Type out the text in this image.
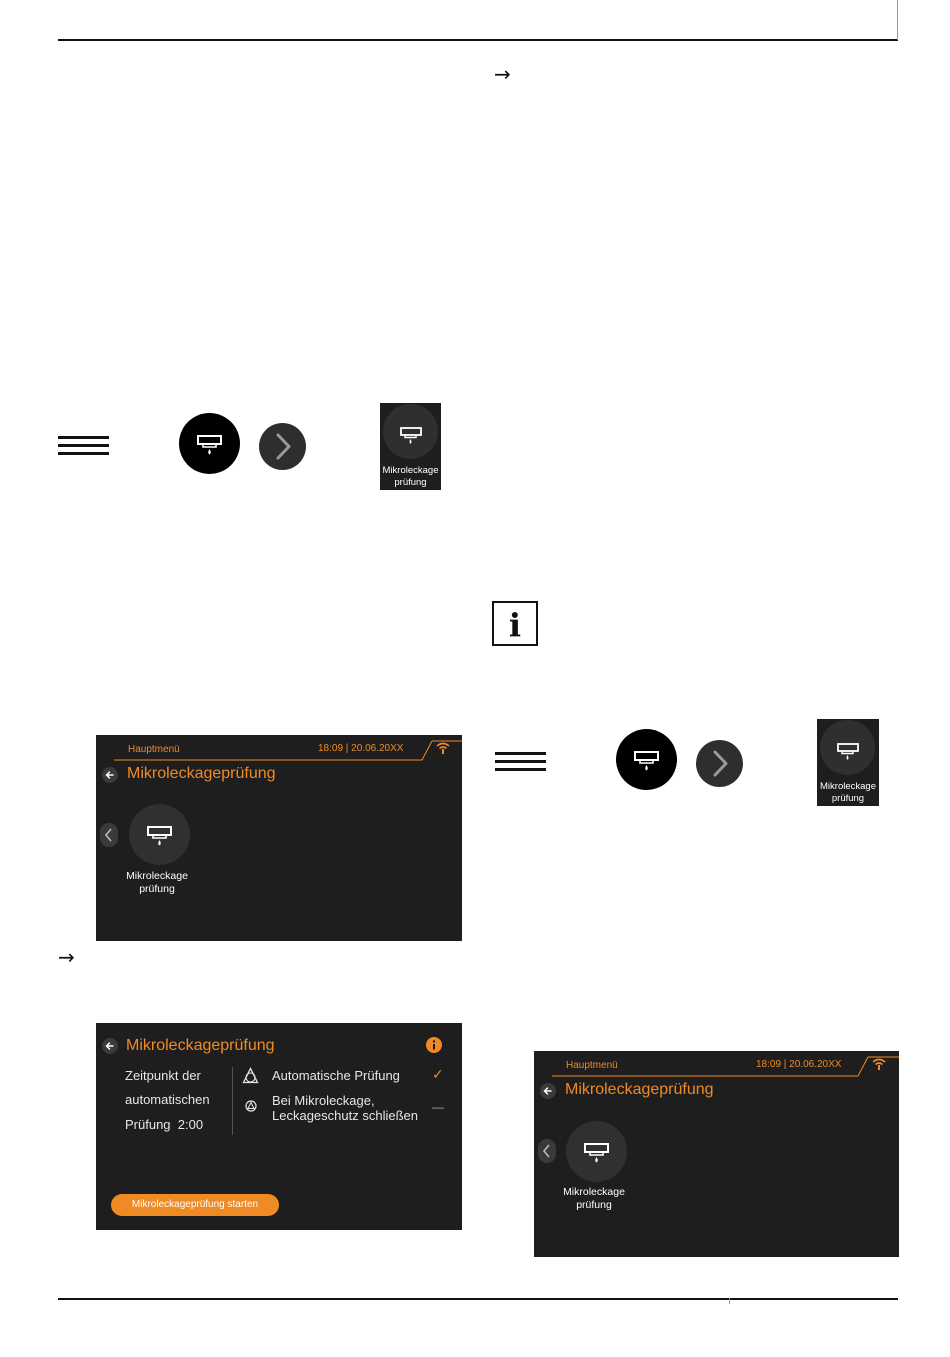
→
→
Mikroleckage
prüfung
i
Mikroleckage
prüfung
Hauptmenü	18:09 | 20.06.20XX
Mikroleckageprüfung
Mikroleckage
prüfung
Mikroleckageprüfung
Zeitpunkt der
automatischen
Prüfung  2:00
Automatische Prüfung ✓
Bei Mikroleckage,
Leckageschutz schließen
—
Mikroleckageprüfung starten
Hauptmenü	18:09 | 20.06.20XX
Mikroleckageprüfung
Mikroleckage
prüfung
